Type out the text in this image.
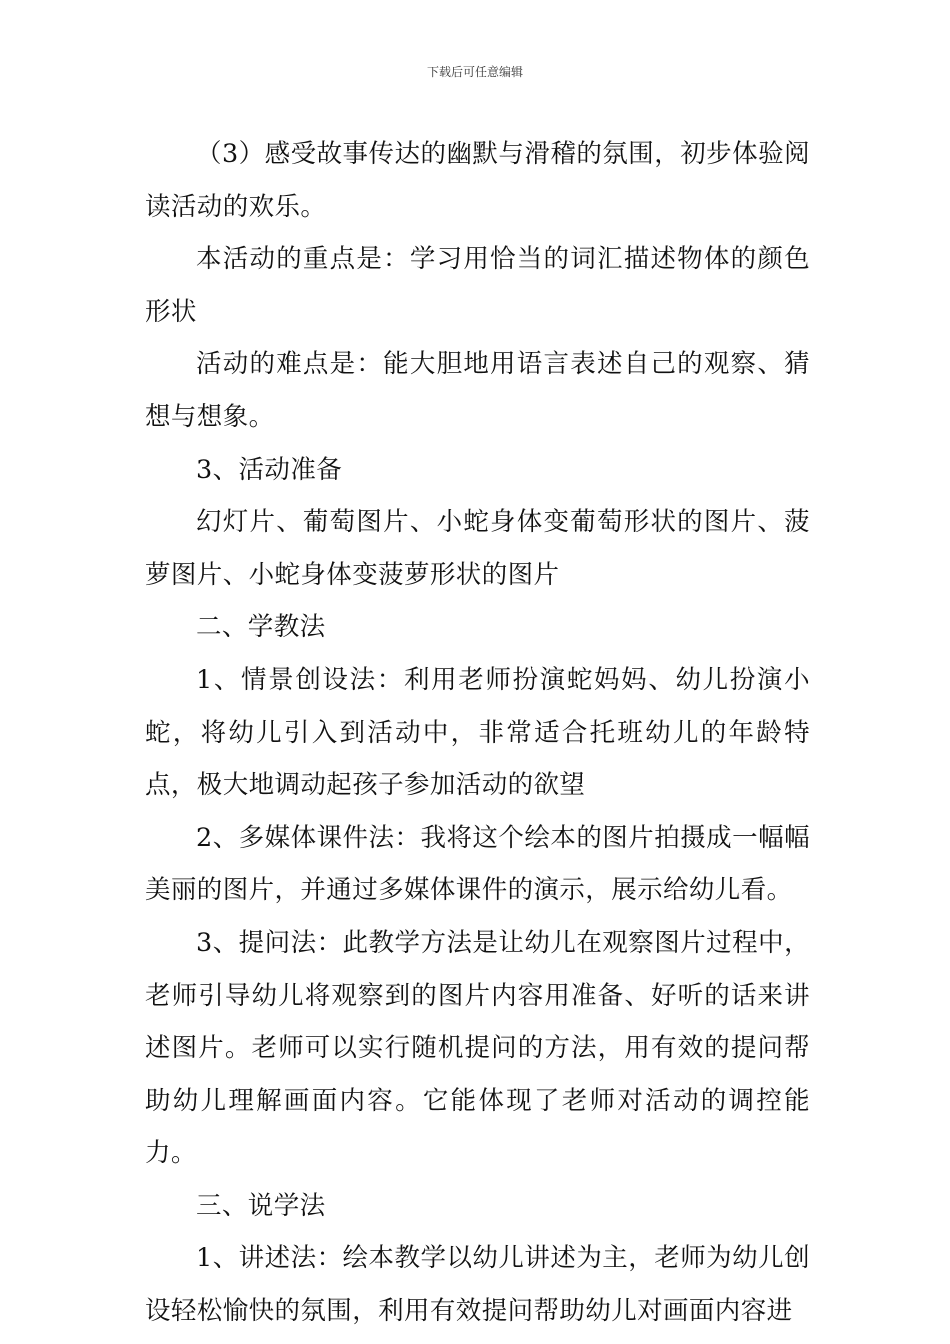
下载后可任意编辑

（3）感受故事传达的幽默与滑稽的氛围，初步体验阅读活动的欢乐。

本活动的重点是：学习用恰当的词汇描述物体的颜色形状

活动的难点是：能大胆地用语言表述自己的观察、猜想与想象。

3、活动准备

幻灯片、葡萄图片、小蛇身体变葡萄形状的图片、菠萝图片、小蛇身体变菠萝形状的图片

二、学教法

1、情景创设法：利用老师扮演蛇妈妈、幼儿扮演小蛇，将幼儿引入到活动中，非常适合托班幼儿的年龄特点，极大地调动起孩子参加活动的欲望

2、多媒体课件法：我将这个绘本的图片拍摄成一幅幅美丽的图片，并通过多媒体课件的演示，展示给幼儿看。

3、提问法：此教学方法是让幼儿在观察图片过程中，老师引导幼儿将观察到的图片内容用准备、好听的话来讲述图片。老师可以实行随机提问的方法，用有效的提问帮助幼儿理解画面内容。它能体现了老师对活动的调控能力。

三、说学法

1、讲述法：绘本教学以幼儿讲述为主，老师为幼儿创设轻松愉快的氛围，利用有效提问帮助幼儿对画面内容进
